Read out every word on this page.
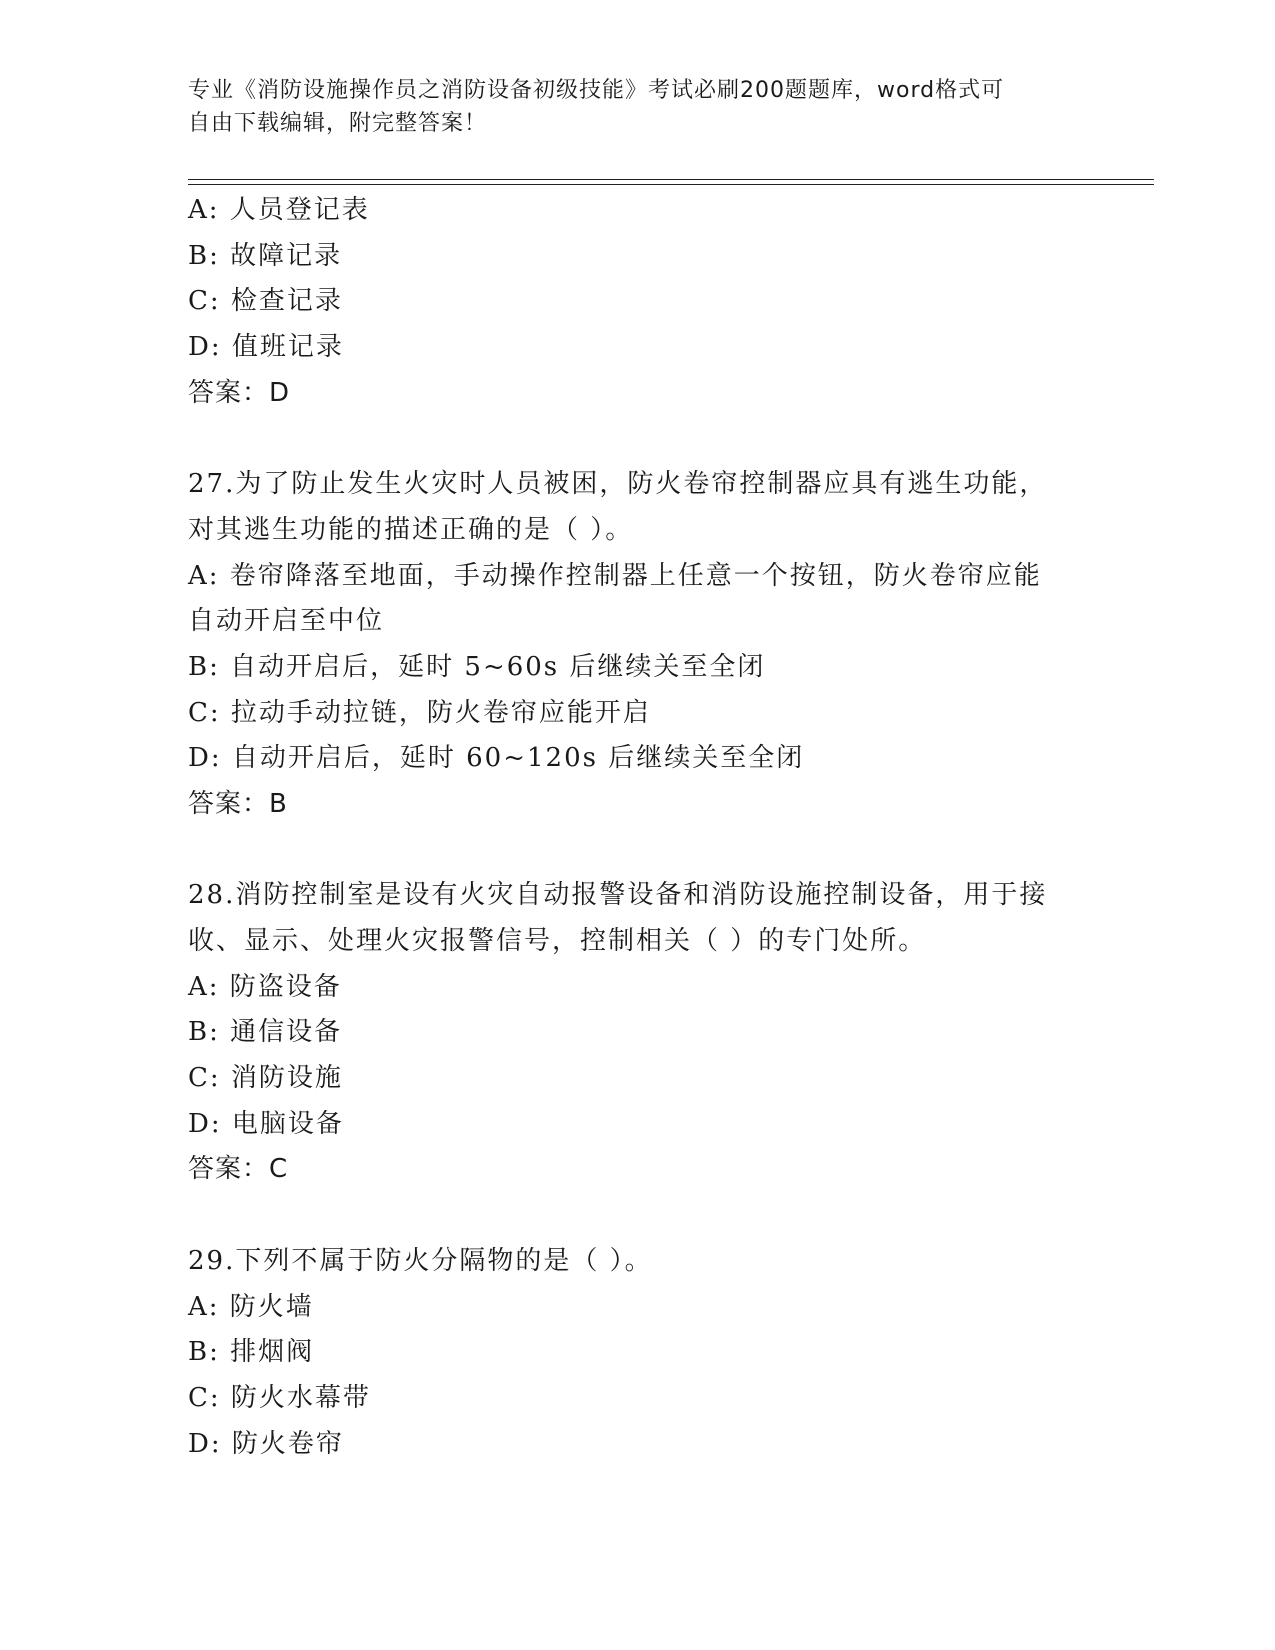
专业《消防设施操作员之消防设备初级技能》考试必刷200题题库，word格式可
自由下载编辑，附完整答案！
A: 人员登记表
B: 故障记录
C: 检查记录
D: 值班记录
答案：D
27.为了防止发生火灾时人员被困，防火卷帘控制器应具有逃生功能，
对其逃生功能的描述正确的是（ ）。
A: 卷帘降落至地面，手动操作控制器上任意一个按钮，防火卷帘应能
自动开启至中位
B: 自动开启后，延时 5~60s 后继续关至全闭
C: 拉动手动拉链，防火卷帘应能开启
D: 自动开启后，延时 60~120s 后继续关至全闭
答案：B
28.消防控制室是设有火灾自动报警设备和消防设施控制设备，用于接
收、显示、处理火灾报警信号，控制相关（ ）的专门处所。
A: 防盗设备
B: 通信设备
C: 消防设施
D: 电脑设备
答案：C
29.下列不属于防火分隔物的是（ ）。
A: 防火墙
B: 排烟阀
C: 防火水幕带
D: 防火卷帘
